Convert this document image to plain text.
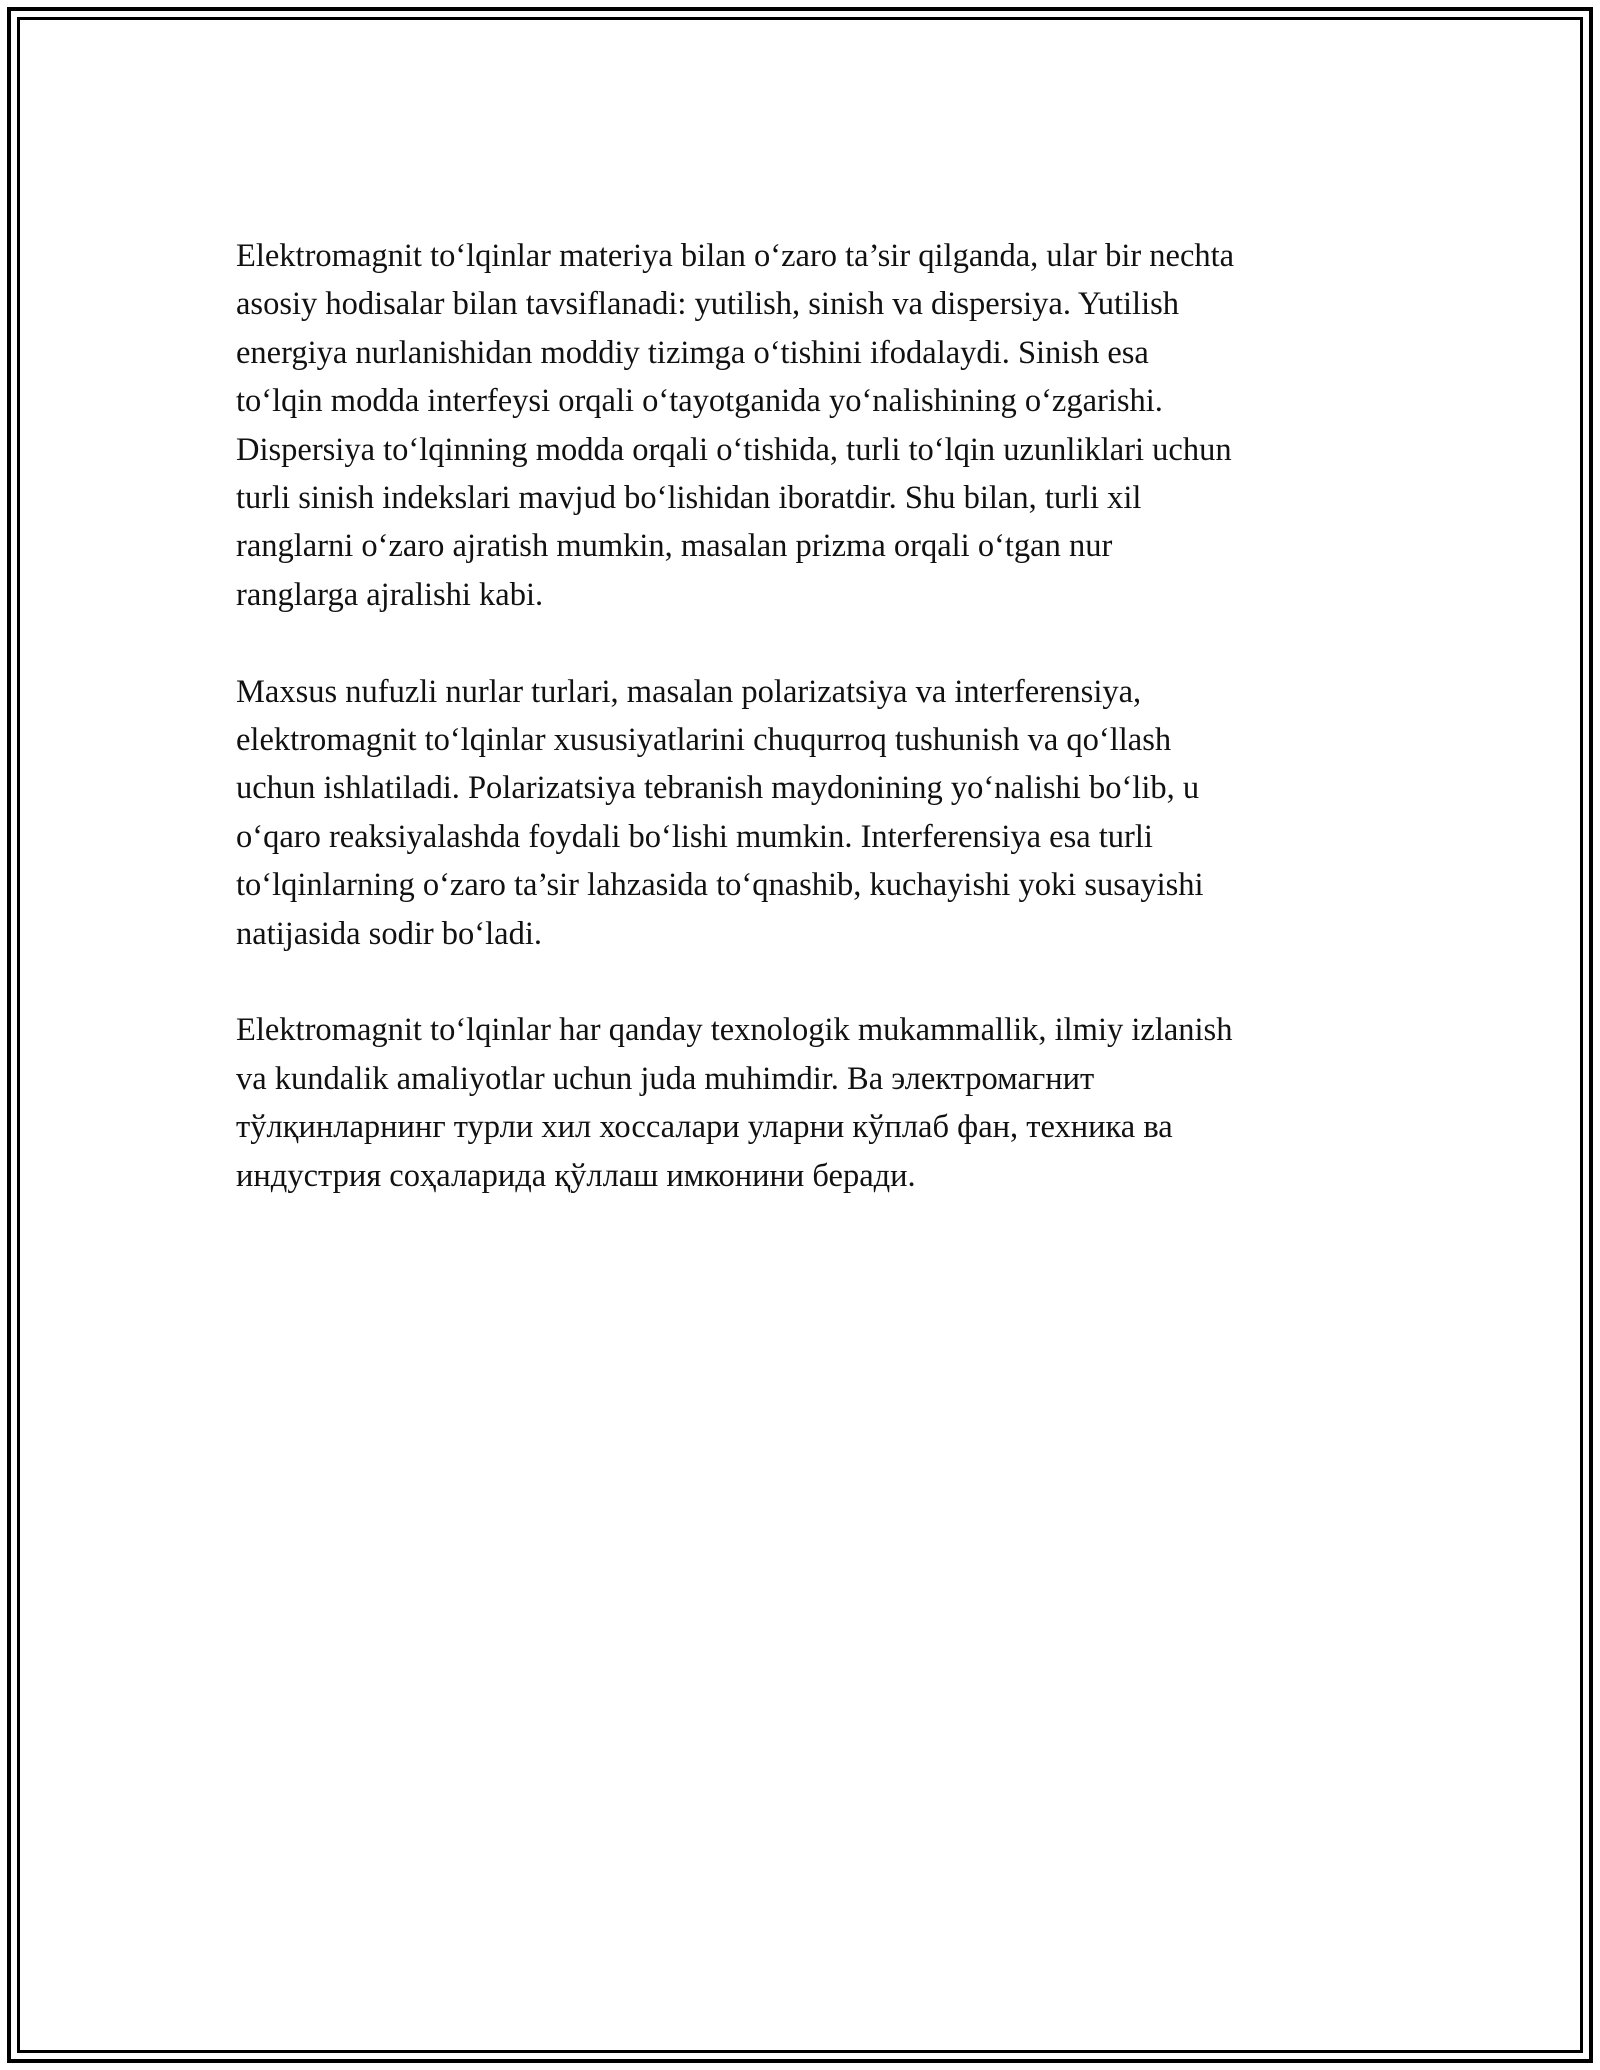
Elektromagnit to‘lqinlar materiya bilan o‘zaro ta’sir qilganda, ular bir nechta
asosiy hodisalar bilan tavsiflanadi: yutilish, sinish va dispersiya. Yutilish
energiya nurlanishidan moddiy tizimga o‘tishini ifodalaydi. Sinish esa
to‘lqin modda interfeysi orqali o‘tayotganida yo‘nalishining o‘zgarishi.
Dispersiya to‘lqinning modda orqali o‘tishida, turli to‘lqin uzunliklari uchun
turli sinish indekslari mavjud bo‘lishidan iboratdir. Shu bilan, turli xil
ranglarni o‘zaro ajratish mumkin, masalan prizma orqali o‘tgan nur
ranglarga ajralishi kabi.

Maxsus nufuzli nurlar turlari, masalan polarizatsiya va interferensiya,
elektromagnit to‘lqinlar xususiyatlarini chuqurroq tushunish va qo‘llash
uchun ishlatiladi. Polarizatsiya tebranish maydonining yo‘nalishi bo‘lib, u
o‘qaro reaksiyalashda foydali bo‘lishi mumkin. Interferensiya esa turli
to‘lqinlarning o‘zaro ta’sir lahzasida to‘qnashib, kuchayishi yoki susayishi
natijasida sodir bo‘ladi.

Elektromagnit to‘lqinlar har qanday texnologik mukammallik, ilmiy izlanish
va kundalik amaliyotlar uchun juda muhimdir. Ва электромагнит
тўлқинларнинг турли хил хоссалари уларни кўплаб фан, техника ва
индустрия соҳаларида қўллаш имконини беради.
